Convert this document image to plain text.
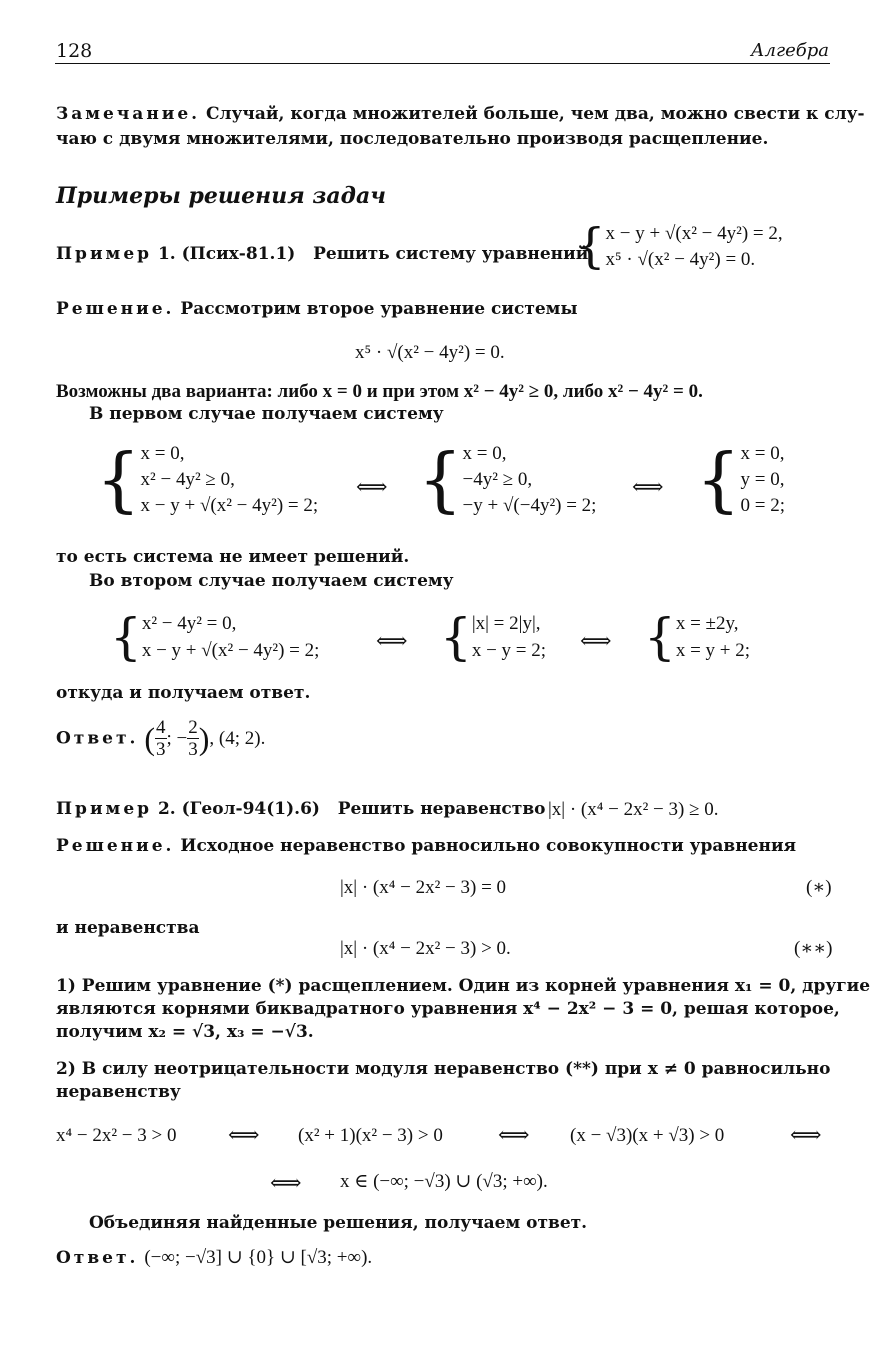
128	Алгебра
Замечание. Случай, когда множителей больше, чем два, можно свести к слу-
чаю с двумя множителями, последовательно производя расщепление.
Примеры решения задач
Пример 1. (Псих-81.1) Решить систему уравнений
{ x − y + √(x² − 4y²) = 2,
x⁵ · √(x² − 4y²) = 0.
Решение. Рассмотрим второе уравнение системы
x⁵ · √(x² − 4y²) = 0.
Возможны два варианта: либо x = 0 и при этом x² − 4y² ≥ 0, либо x² − 4y² = 0.
В первом случае получаем систему
{ x = 0,
x² − 4y² ≥ 0,
x − y + √(x² − 4y²) = 2;
⟺ { x = 0,
−4y² ≥ 0,
−y + √(−4y²) = 2;
⟺ { x = 0,
y = 0,
0 = 2;
то есть система не имеет решений.
Во втором случае получаем систему
{ x² − 4y² = 0,
x − y + √(x² − 4y²) = 2;	⟺ { |x| = 2|y|,
x − y = 2; ⟺ { x = ±2y,
x = y + 2;
откуда и получаем ответ.
Ответ. ( $\frac{4}{3}$ ; − $\frac{2}{3}$ ), (4; 2).
Пример 2. (Геол-94(1).6) Решить неравенство |x| · (x⁴ − 2x² − 3) ≥ 0.
Решение. Исходное неравенство равносильно совокупности уравнения
|x| · (x⁴ − 2x² − 3) = 0	(∗)
и неравенства
|x| · (x⁴ − 2x² − 3) > 0.	(∗∗)
1) Решим уравнение (*) расщеплением. Один из корней уравнения x₁ = 0, другие
являются корнями биквадратного уравнения x⁴ − 2x² − 3 = 0, решая которое,
получим x₂ = √3, x₃ = −√3.
2) В силу неотрицательности модуля неравенство (**) при x ≠ 0 равносильно
неравенству
x⁴ − 2x² − 3 > 0 ⟺ (x² + 1)(x² − 3) > 0	⟺ (x − √3)(x + √3) > 0	⟺
⟺ x ∈ (−∞; −√3) ∪ (√3; +∞).
Объединяя найденные решения, получаем ответ.
Ответ. (−∞; −√3] ∪ {0} ∪ [√3; +∞).
